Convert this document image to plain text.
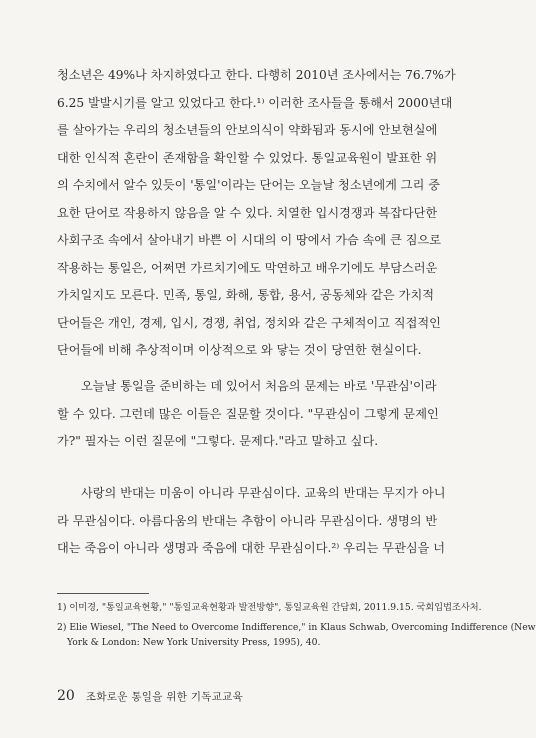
청소년은 49%나 차지하였다고 한다. 다행히 2010년 조사에서는 76.7%가
6.25 발발시기를 알고 있었다고 한다.¹⁾ 이러한 조사들을 통해서 2000년대
를 살아가는 우리의 청소년들의 안보의식이 약화됨과 동시에 안보현실에
대한 인식적 혼란이 존재함을 확인할 수 있었다. 통일교육원이 발표한 위
의 수치에서 알수 있듯이 '통일'이라는 단어는 오늘날 청소년에게 그리 중
요한 단어로 작용하지 않음을 알 수 있다. 치열한 입시경쟁과 복잡다단한
사회구조 속에서 살아내기 바쁜 이 시대의 이 땅에서 가슴 속에 큰 짐으로
작용하는 통일은, 어쩌면 가르치기에도 막연하고 배우기에도 부담스러운
가치일지도 모른다. 민족, 통일, 화해, 통합, 용서, 공동체와 같은 가치적
단어들은 개인, 경제, 입시, 경쟁, 취업, 정치와 같은 구체적이고 직접적인
단어들에 비해 추상적이며 이상적으로 와 닿는 것이 당연한 현실이다.
오늘날 통일을 준비하는 데 있어서 처음의 문제는 바로 '무관심'이라
할 수 있다. 그런데 많은 이들은 질문할 것이다. "무관심이 그렇게 문제인
가?" 필자는 이런 질문에 "그렇다. 문제다."라고 말하고 싶다.
사랑의 반대는 미움이 아니라 무관심이다. 교육의 반대는 무지가 아니
라 무관심이다. 아름다움의 반대는 추함이 아니라 무관심이다. 생명의 반
대는 죽음이 아니라 생명과 죽음에 대한 무관심이다.²⁾ 우리는 무관심을 너
1) 이미경, "통일교육현황," "통일교육현황과 발전방향", 통일교육원 간담회, 2011.9.15. 국회입법조사처.
2) Elie Wiesel, "The Need to Overcome Indifference," in Klaus Schwab, Overcoming Indifference (New
York & London: New York University Press, 1995), 40.
20 조화로운 통일을 위한 기독교교육
